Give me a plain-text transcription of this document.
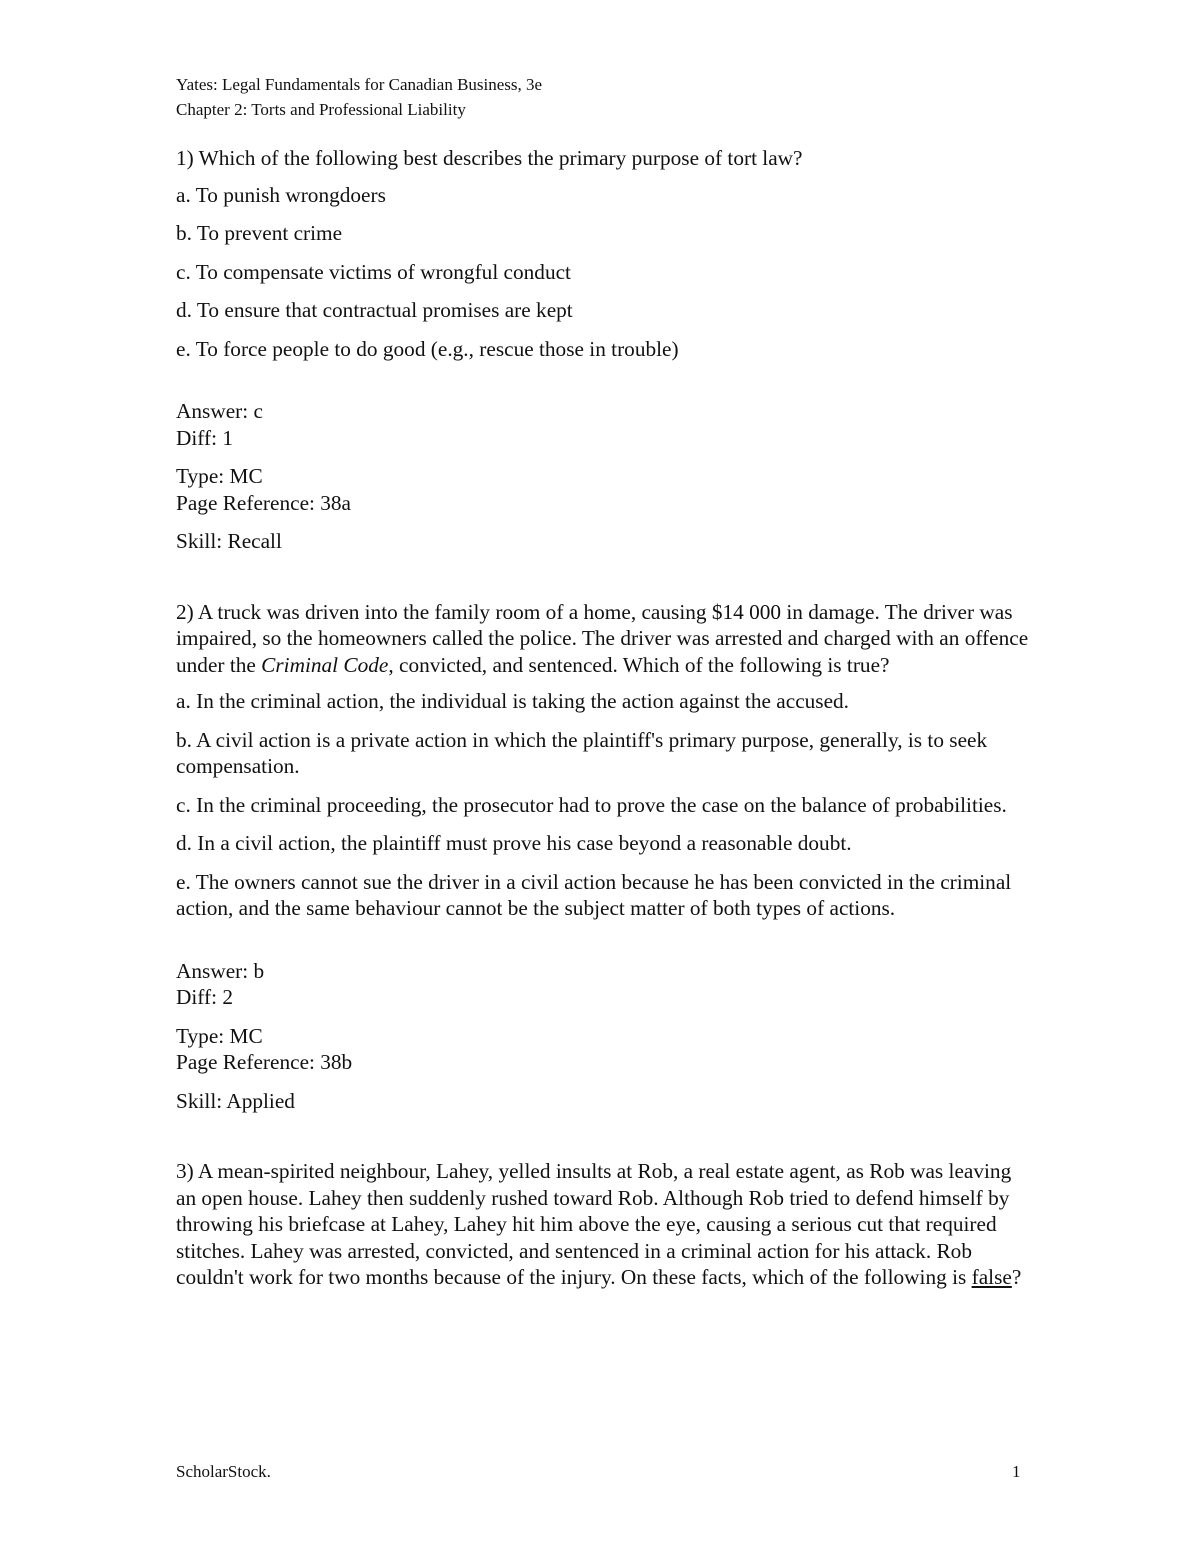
Yates: Legal Fundamentals for Canadian Business, 3e
Chapter 2: Torts and Professional Liability

1) Which of the following best describes the primary purpose of tort law?

a. To punish wrongdoers

b. To prevent crime

c. To compensate victims of wrongful conduct

d. To ensure that contractual promises are kept

e. To force people to do good (e.g., rescue those in trouble)

Answer: c

Diff: 1

Type: MC

Page Reference: 38a

Skill: Recall

2) A truck was driven into the family room of a home, causing $14 000 in damage. The driver was impaired, so the homeowners called the police. The driver was arrested and charged with an offence under the Criminal Code, convicted, and sentenced. Which of the following is true?

a. In the criminal action, the individual is taking the action against the accused.

b. A civil action is a private action in which the plaintiff's primary purpose, generally, is to seek compensation.

c. In the criminal proceeding, the prosecutor had to prove the case on the balance of probabilities.

d. In a civil action, the plaintiff must prove his case beyond a reasonable doubt.

e. The owners cannot sue the driver in a civil action because he has been convicted in the criminal action, and the same behaviour cannot be the subject matter of both types of actions.

Answer: b

Diff: 2

Type: MC

Page Reference: 38b

Skill: Applied

3) A mean-spirited neighbour, Lahey, yelled insults at Rob, a real estate agent, as Rob was leaving an open house. Lahey then suddenly rushed toward Rob. Although Rob tried to defend himself by throwing his briefcase at Lahey, Lahey hit him above the eye, causing a serious cut that required stitches. Lahey was arrested, convicted, and sentenced in a criminal action for his attack. Rob couldn't work for two months because of the injury. On these facts, which of the following is false?

ScholarStock.	1
